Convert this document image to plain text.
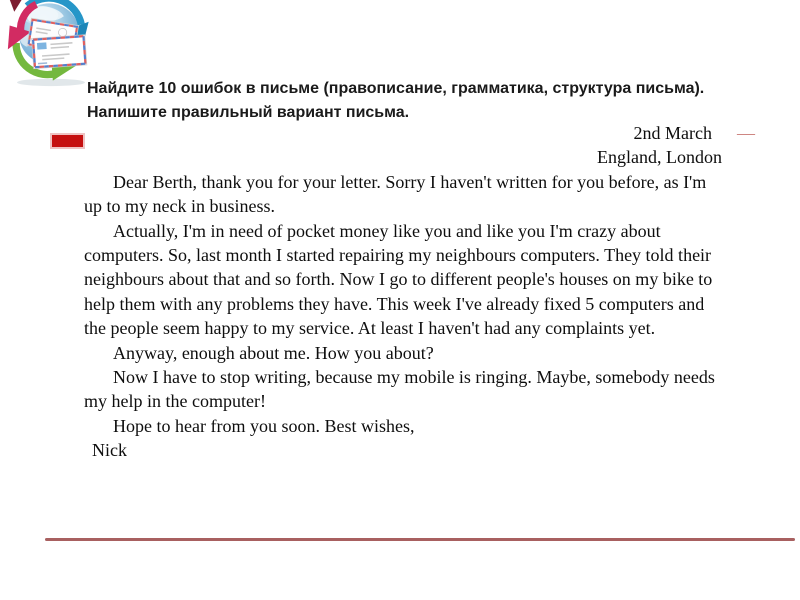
Найдите 10 ошибок в письме (правописание, грамматика, структура письма). Напишите правильный вариант письма.
2nd March —
England, London

Dear Berth, thank you for your letter. Sorry I haven't written for you before, as I'm up to my neck in business.

Actually, I'm in need of pocket money like you and like you I'm crazy about computers. So, last month I started repairing my neighbours computers. They told their neighbours about that and so forth. Now I go to different people's houses on my bike to help them with any problems they have. This week I've already fixed 5 computers and the people seem happy to my service. At least I haven't had any complaints yet.

Anyway, enough about me. How you about?

Now I have to stop writing, because my mobile is ringing. Maybe, somebody needs my help in the computer!

Hope to hear from you soon. Best wishes,

Nick
